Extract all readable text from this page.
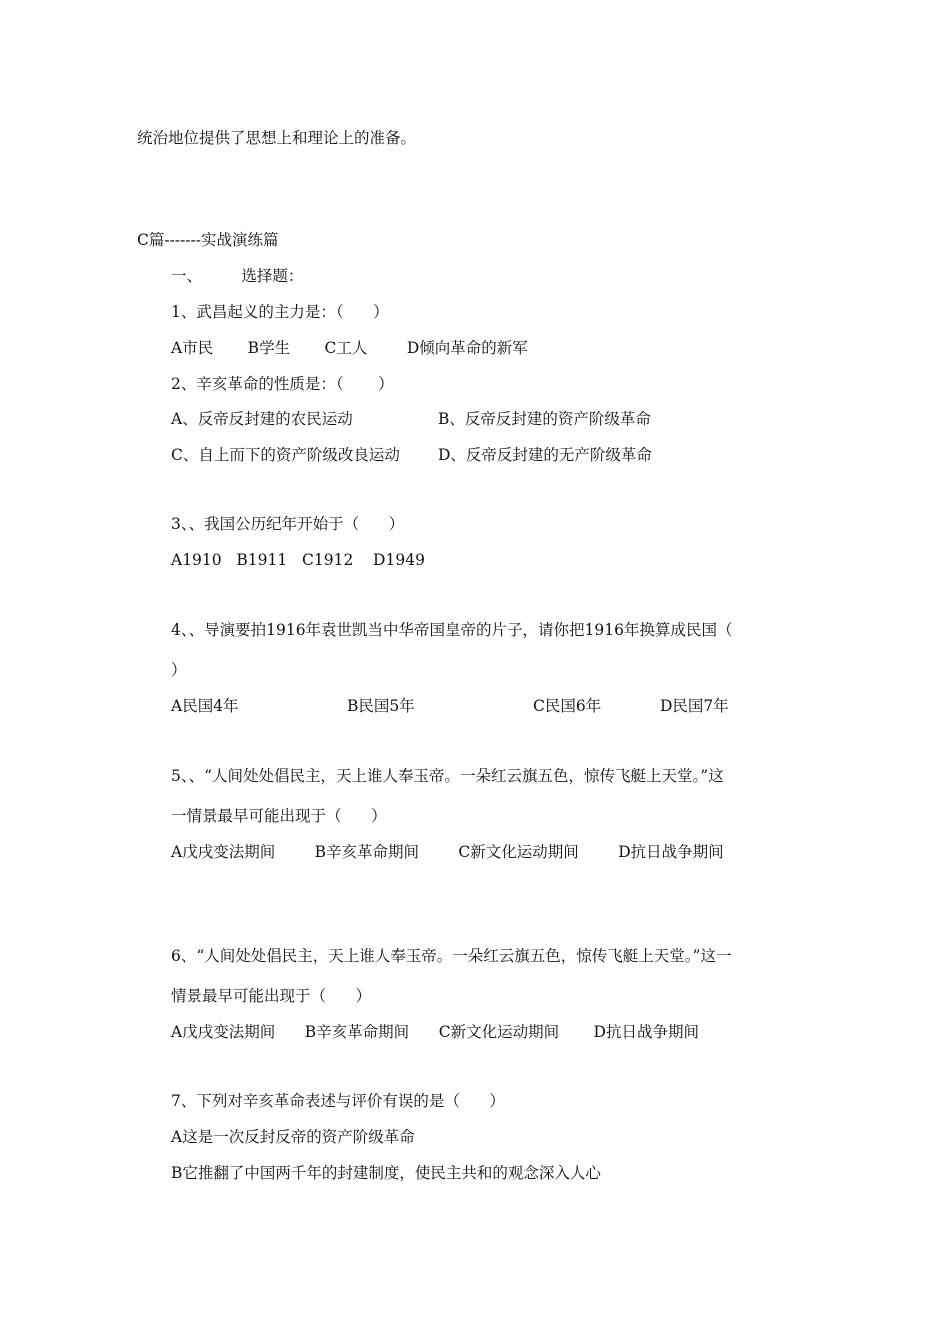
统治地位提供了思想上和理论上的准备。
C篇-------实战演练篇
一、        选择题：
1、武昌起义的主力是：（      ）
A市民       B学生       C工人        D倾向革命的新军
2、辛亥革命的性质是：（       ）
A、反帝反封建的农民运动	B、反帝反封建的资产阶级革命
C、自上而下的资产阶级改良运动 D、反帝反封建的无产阶级革命
3、、我国公历纪年开始于（      ）
A1910   B1911   C1912    D1949
4、、导演要拍1916年袁世凯当中华帝国皇帝的片子，请你把1916年换算成民国（
）
A民国4年	B民国5年	C民国6年	D民国7年
5、、“人间处处倡民主，天上谁人奉玉帝。一朵红云旗五色，惊传飞艇上天堂。”这
一情景最早可能出现于（      ）
A戊戌变法期间        B辛亥革命期间        C新文化运动期间        D抗日战争期间
6、“人间处处倡民主，天上谁人奉玉帝。一朵红云旗五色，惊传飞艇上天堂。”这一
情景最早可能出现于（      ）
A戊戌变法期间      B辛亥革命期间      C新文化运动期间       D抗日战争期间
7、下列对辛亥革命表述与评价有误的是（      ）
A这是一次反封反帝的资产阶级革命
B它推翻了中国两千年的封建制度，使民主共和的观念深入人心
